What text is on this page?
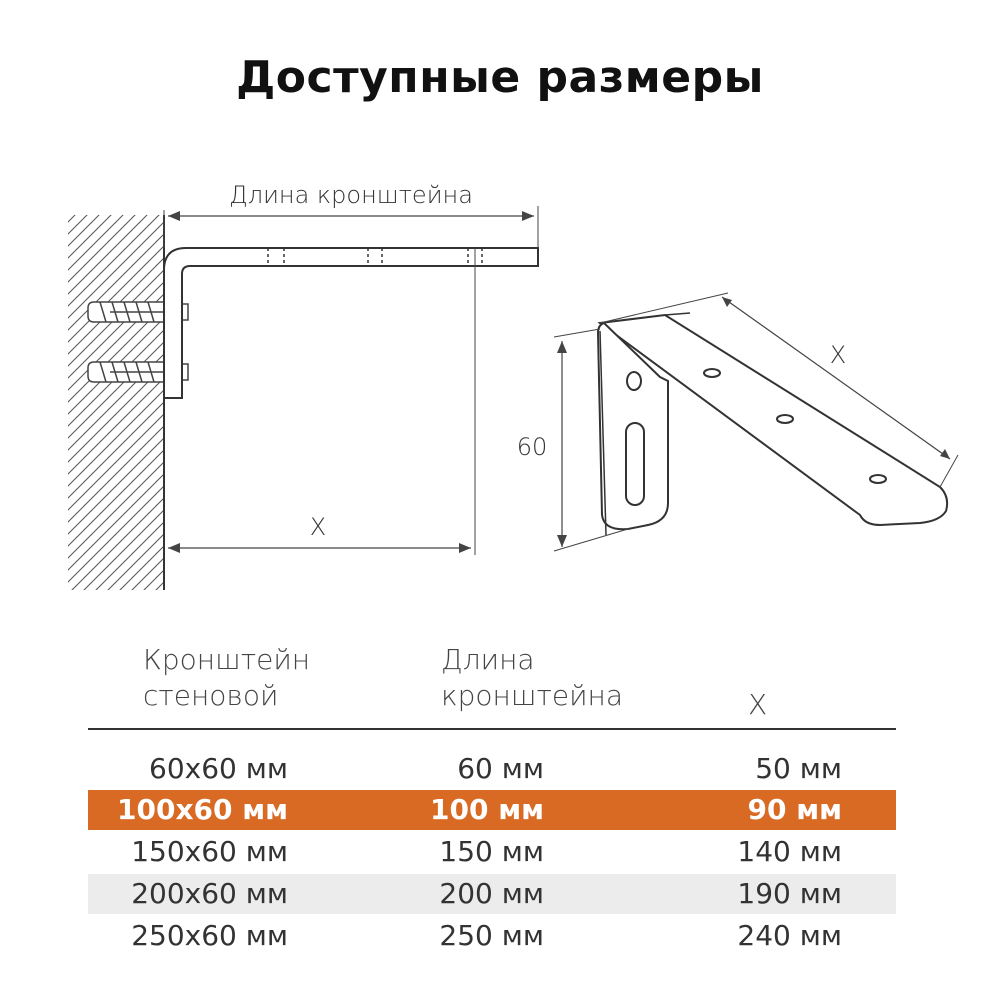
Доступные размеры
Длина кронштейна
X
X
60
Кронштейн
стеновой
Длина
кронштейна	X
60x60 мм	60 мм	50 мм
100x60 мм	100 мм	90 мм
150x60 мм	150 мм	140 мм
200x60 мм	200 мм	190 мм
250x60 мм	250 мм	240 мм
